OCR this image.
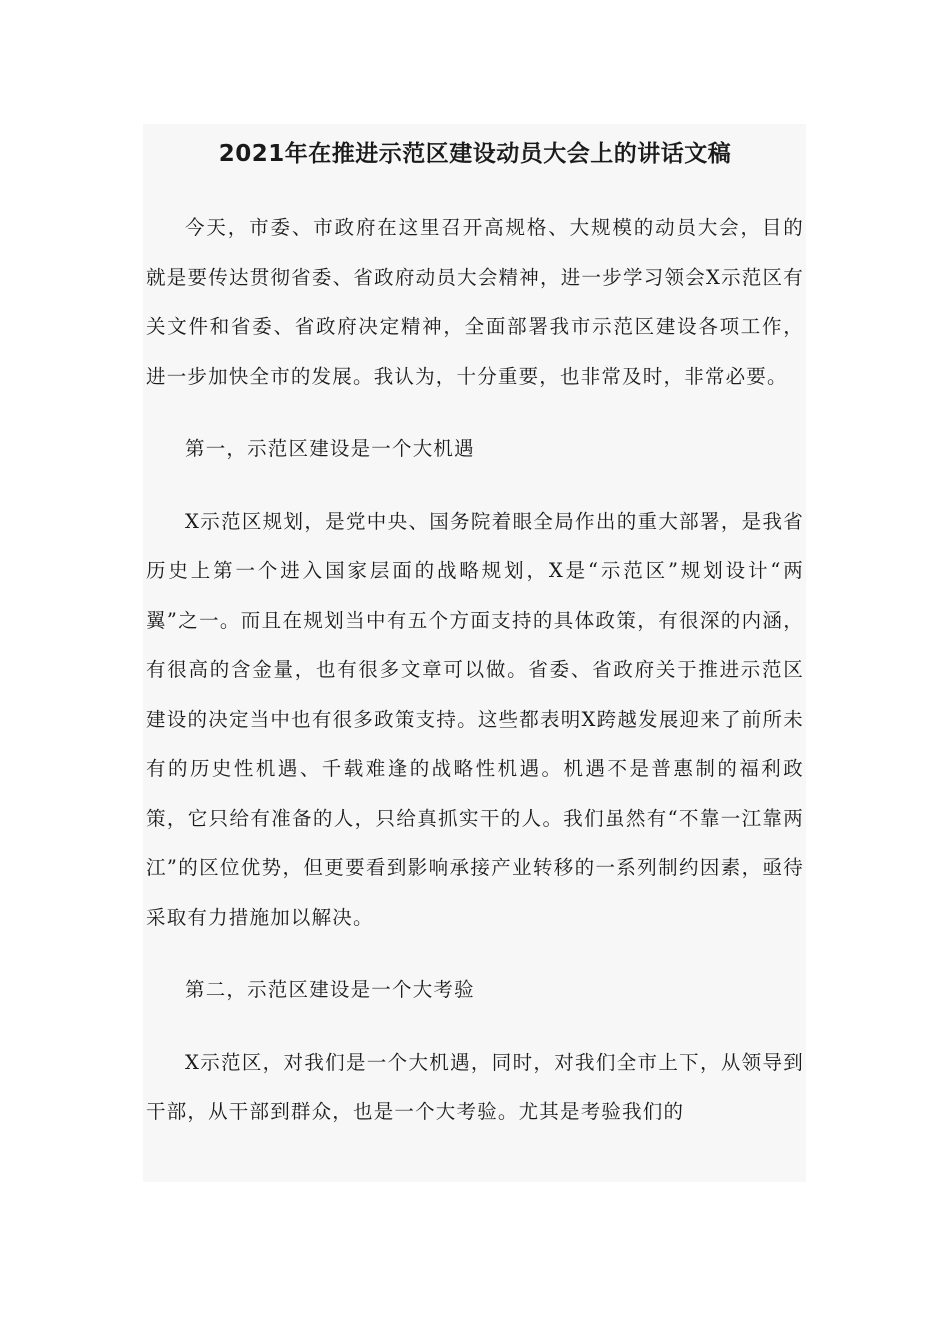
2021年在推进示范区建设动员大会上的讲话文稿

今天，市委、市政府在这里召开高规格、大规模的动员大会，目的就是要传达贯彻省委、省政府动员大会精神，进一步学习领会X示范区有关文件和省委、省政府决定精神，全面部署我市示范区建设各项工作，进一步加快全市的发展。我认为，十分重要，也非常及时，非常必要。

第一，示范区建设是一个大机遇

X示范区规划，是党中央、国务院着眼全局作出的重大部署，是我省历史上第一个进入国家层面的战略规划，X是“示范区”规划设计“两翼”之一。而且在规划当中有五个方面支持的具体政策，有很深的内涵，有很高的含金量，也有很多文章可以做。省委、省政府关于推进示范区建设的决定当中也有很多政策支持。这些都表明X跨越发展迎来了前所未有的历史性机遇、千载难逢的战略性机遇。机遇不是普惠制的福利政策，它只给有准备的人，只给真抓实干的人。我们虽然有“不靠一江靠两江”的区位优势，但更要看到影响承接产业转移的一系列制约因素，亟待采取有力措施加以解决。

第二，示范区建设是一个大考验

X示范区，对我们是一个大机遇，同时，对我们全市上下，从领导到干部，从干部到群众，也是一个大考验。尤其是考验我们的
